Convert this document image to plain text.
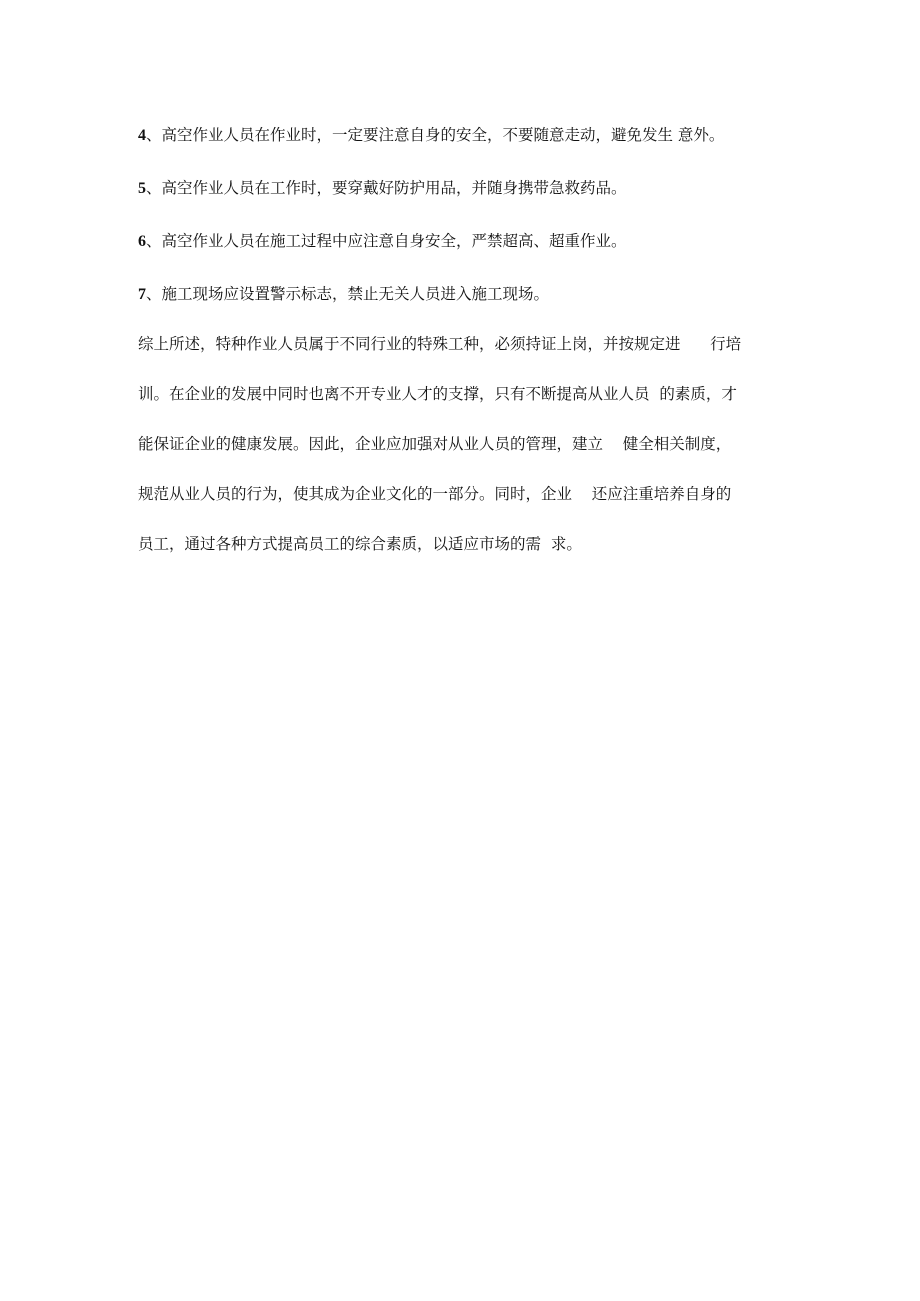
4、高空作业人员在作业时，一定要注意自身的安全，不要随意走动，避免发生 意外。
5、高空作业人员在工作时，要穿戴好防护用品，并随身携带急救药品。
6、高空作业人员在施工过程中应注意自身安全，严禁超高、超重作业。
7、施工现场应设置警示标志，禁止无关人员进入施工现场。
综上所述，特种作业人员属于不同行业的特殊工种，必须持证上岗，并按规定进      行培
训。在企业的发展中同时也离不开专业人才的支撑，只有不断提高从业人员  的素质，才
能保证企业的健康发展。因此，企业应加强对从业人员的管理，建立    健全相关制度，
规范从业人员的行为，使其成为企业文化的一部分。同时，企业    还应注重培养自身的
员工，通过各种方式提高员工的综合素质，以适应市场的需  求。
